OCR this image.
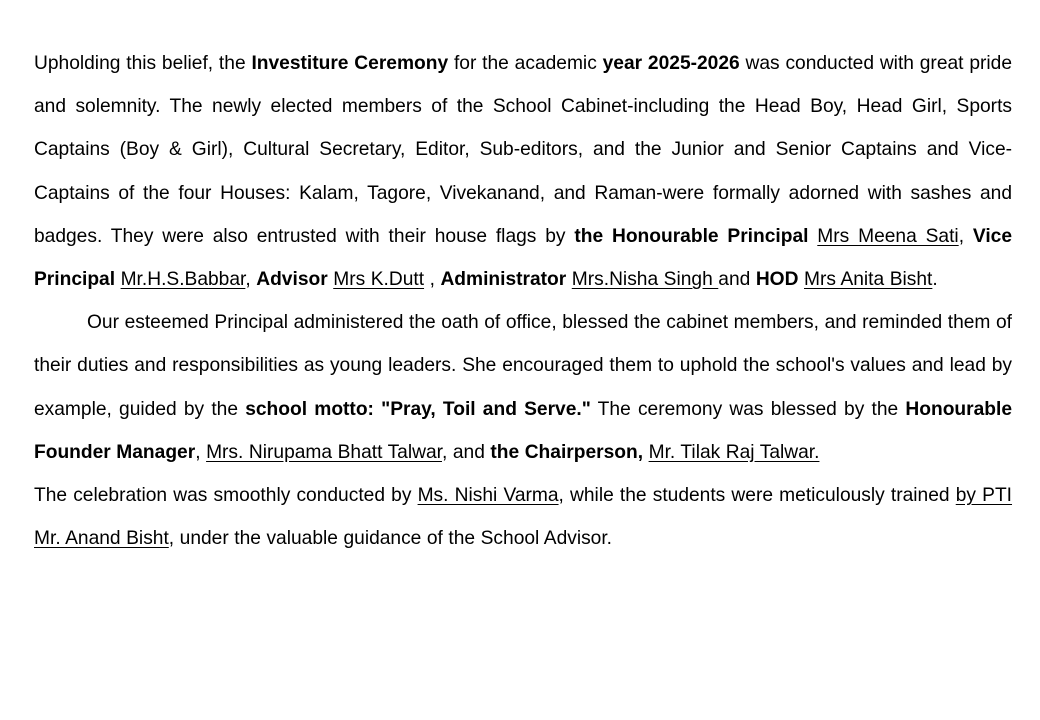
Upholding this belief, the Investiture Ceremony for the academic year 2025-2026 was conducted with great pride and solemnity. The newly elected members of the School Cabinet-including the Head Boy, Head Girl, Sports Captains (Boy & Girl), Cultural Secretary, Editor, Sub-editors, and the Junior and Senior Captains and Vice-Captains of the four Houses: Kalam, Tagore, Vivekanand, and Raman-were formally adorned with sashes and badges. They were also entrusted with their house flags by the Honourable Principal Mrs Meena Sati, Vice Principal Mr.H.S.Babbar, Advisor Mrs K.Dutt , Administrator Mrs.Nisha Singh and HOD Mrs Anita Bisht.

Our esteemed Principal administered the oath of office, blessed the cabinet members, and reminded them of their duties and responsibilities as young leaders. She encouraged them to uphold the school's values and lead by example, guided by the school motto: "Pray, Toil and Serve." The ceremony was blessed by the Honourable Founder Manager, Mrs. Nirupama Bhatt Talwar, and the Chairperson, Mr. Tilak Raj Talwar.

The celebration was smoothly conducted by Ms. Nishi Varma, while the students were meticulously trained by PTI Mr. Anand Bisht, under the valuable guidance of the School Advisor.
